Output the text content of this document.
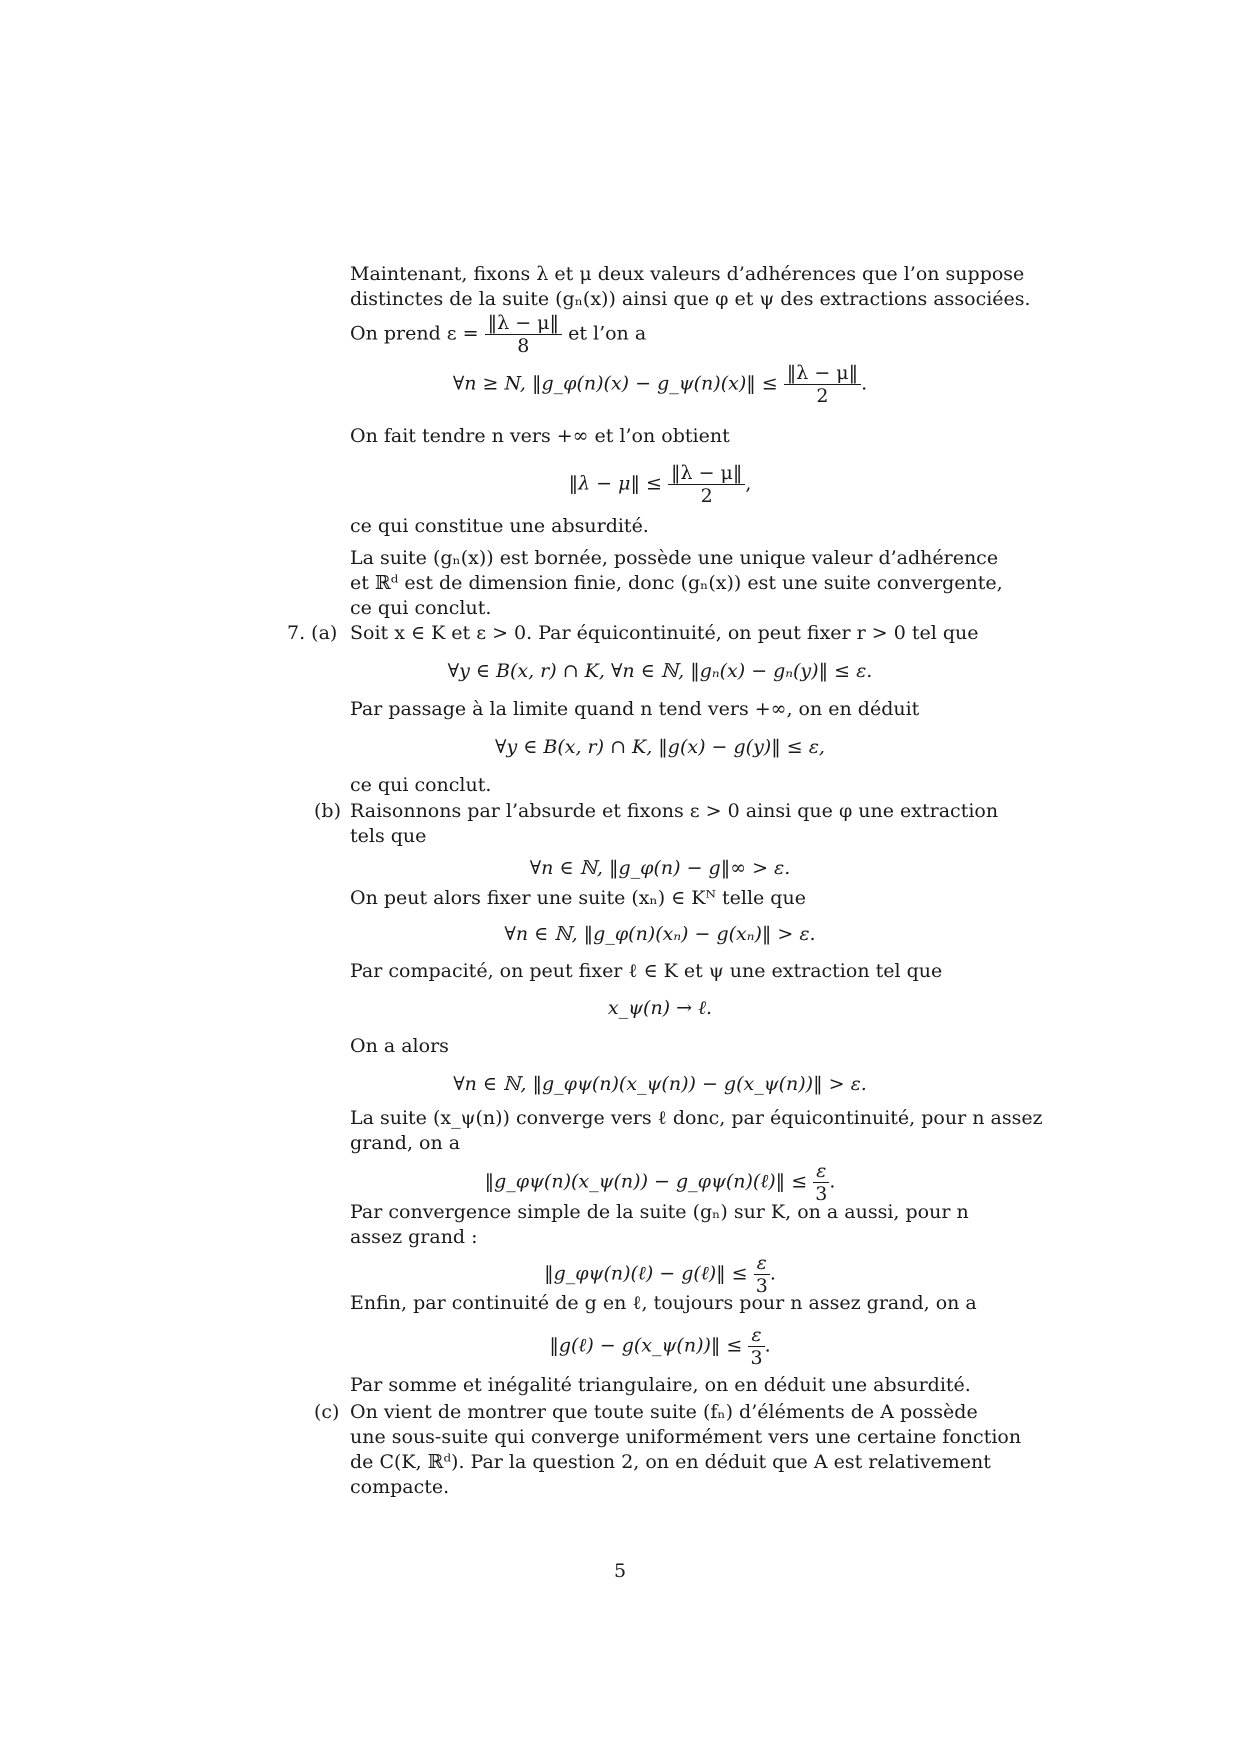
Maintenant, fixons λ et μ deux valeurs d’adhérences que l’on suppose
distinctes de la suite (gₙ(x)) ainsi que φ et ψ des extractions associées.
On prend $\varepsilon = \frac{‖\lambda - \mu‖}{8}$ et l’on a
∀n ≥ N, ‖g_φ(n)(x) − g_ψ(n)(x)‖ ≤ $\frac{‖\lambda - \mu‖}{2}$ .
On fait tendre n vers +∞ et l’on obtient
‖λ − μ‖ ≤ $\frac{‖\lambda - \mu‖}{2}$ ,
ce qui constitue une absurdité.
La suite (gₙ(x)) est bornée, possède une unique valeur d’adhérence
et ℝᵈ est de dimension finie, donc (gₙ(x)) est une suite convergente,
ce qui conclut.
7. (a) Soit x ∈ K et ε > 0. Par équicontinuité, on peut fixer r > 0 tel que
∀y ∈ B(x, r) ∩ K, ∀n ∈ ℕ, ‖gₙ(x) − gₙ(y)‖ ≤ ε.
Par passage à la limite quand n tend vers +∞, on en déduit
∀y ∈ B(x, r) ∩ K, ‖g(x) − g(y)‖ ≤ ε,
ce qui conclut.
(b) Raisonnons par l’absurde et fixons ε > 0 ainsi que φ une extraction
tels que
∀n ∈ ℕ, ‖g_φ(n) − g‖∞ > ε.
On peut alors fixer une suite (xₙ) ∈ Kᴺ telle que
∀n ∈ ℕ, ‖g_φ(n)(xₙ) − g(xₙ)‖ > ε.
Par compacité, on peut fixer ℓ ∈ K et ψ une extraction tel que
x_ψ(n) → ℓ.
On a alors
∀n ∈ ℕ, ‖g_φψ(n)(x_ψ(n)) − g(x_ψ(n))‖ > ε.
La suite (x_ψ(n)) converge vers ℓ donc, par équicontinuité, pour n assez
grand, on a
‖g_φψ(n)(x_ψ(n)) − g_φψ(n)(ℓ)‖ ≤ $\frac{\varepsilon}{3}$ .
Par convergence simple de la suite (gₙ) sur K, on a aussi, pour n
assez grand :
‖g_φψ(n)(ℓ) − g(ℓ)‖ ≤ $\frac{\varepsilon}{3}$ .
Enfin, par continuité de g en ℓ, toujours pour n assez grand, on a
‖g(ℓ) − g(x_ψ(n))‖ ≤ $\frac{\varepsilon}{3}$ .
Par somme et inégalité triangulaire, on en déduit une absurdité.
(c) On vient de montrer que toute suite (fₙ) d’éléments de A possède
une sous-suite qui converge uniformément vers une certaine fonction
de C(K, ℝᵈ). Par la question 2, on en déduit que A est relativement
compacte.
5
